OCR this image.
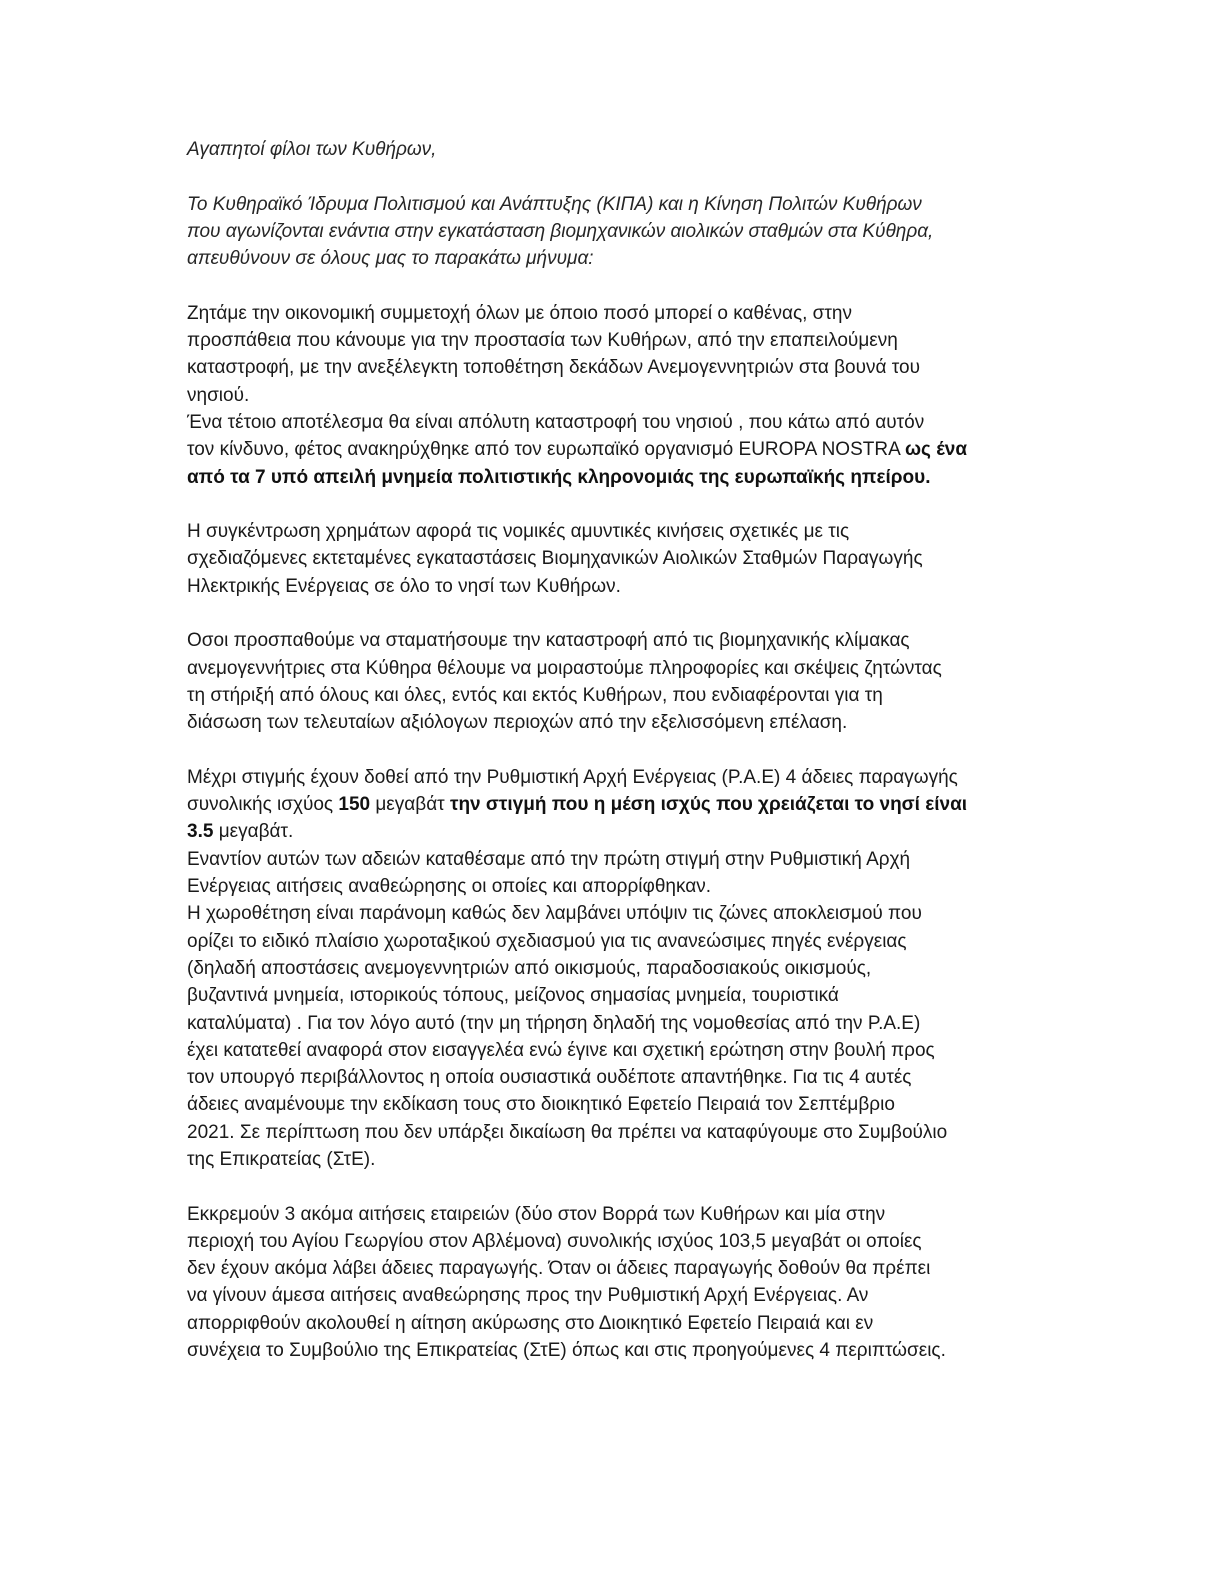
Αγαπητοί φίλοι των Κυθήρων,
Το Κυθηραϊκό Ίδρυμα Πολιτισμού και Ανάπτυξης (ΚΙΠΑ) και η Κίνηση Πολιτών Κυθήρων
που αγωνίζονται ενάντια στην εγκατάσταση βιομηχανικών αιολικών σταθμών στα Κύθηρα,
απευθύνουν σε όλους μας το παρακάτω μήνυμα:
Ζητάμε την οικονομική συμμετοχή όλων με όποιο ποσό μπορεί ο καθένας, στην
προσπάθεια που κάνουμε για την προστασία των Κυθήρων, από την επαπειλούμενη
καταστροφή, με την ανεξέλεγκτη τοποθέτηση δεκάδων Ανεμογεννητριών στα βουνά του
νησιού.
Ένα τέτοιο αποτέλεσμα θα είναι απόλυτη καταστροφή του νησιού , που κάτω από αυτόν
τον κίνδυνο, φέτος ανακηρύχθηκε από τον ευρωπαϊκό οργανισμό EUROPA NOSTRA ως ένα
από τα 7 υπό απειλή μνημεία πολιτιστικής κληρονομιάς της ευρωπαϊκής ηπείρου.
Η συγκέντρωση χρημάτων αφορά τις νομικές αμυντικές κινήσεις σχετικές με τις
σχεδιαζόμενες εκτεταμένες εγκαταστάσεις Βιομηχανικών Αιολικών Σταθμών Παραγωγής
Ηλεκτρικής Ενέργειας σε όλο το νησί των Κυθήρων.
Οσοι προσπαθούμε να σταματήσουμε την καταστροφή από τις βιομηχανικής κλίμακας
ανεμογεννήτριες στα Κύθηρα θέλουμε να μοιραστούμε πληροφορίες και σκέψεις ζητώντας
τη στήριξή από όλους και όλες, εντός και εκτός Κυθήρων, που ενδιαφέρονται για τη
διάσωση των τελευταίων αξιόλογων περιοχών από την εξελισσόμενη επέλαση.
Μέχρι στιγμής έχουν δοθεί από την Ρυθμιστική Αρχή Ενέργειας (Ρ.Α.Ε) 4 άδειες παραγωγής
συνολικής ισχύος 150 μεγαβάτ την στιγμή που η μέση ισχύς που χρειάζεται το νησί είναι
3.5 μεγαβάτ.
Εναντίον αυτών των αδειών καταθέσαμε από την πρώτη στιγμή στην Ρυθμιστική Αρχή
Ενέργειας αιτήσεις αναθεώρησης οι οποίες και απορρίφθηκαν.
Η χωροθέτηση είναι παράνομη καθώς δεν λαμβάνει υπόψιν τις ζώνες αποκλεισμού που
ορίζει το ειδικό πλαίσιο χωροταξικού σχεδιασμού για τις ανανεώσιμες πηγές ενέργειας
(δηλαδή αποστάσεις ανεμογεννητριών από οικισμούς, παραδοσιακούς οικισμούς,
βυζαντινά μνημεία, ιστορικούς τόπους, μείζονος σημασίας μνημεία, τουριστικά
καταλύματα) . Για τον λόγο αυτό (την μη τήρηση δηλαδή της νομοθεσίας από την Ρ.Α.Ε)
έχει κατατεθεί αναφορά στον εισαγγελέα ενώ έγινε και σχετική ερώτηση στην βουλή προς
τον υπουργό περιβάλλοντος η οποία ουσιαστικά ουδέποτε απαντήθηκε. Για τις 4 αυτές
άδειες αναμένουμε την εκδίκαση τους στο διοικητικό Εφετείο Πειραιά τον Σεπτέμβριο
2021. Σε περίπτωση που δεν υπάρξει δικαίωση θα πρέπει να καταφύγουμε στο Συμβούλιο
της Επικρατείας (ΣτΕ).
Εκκρεμούν 3 ακόμα αιτήσεις εταιρειών (δύο στον Βορρά των Κυθήρων και μία στην
περιοχή του Αγίου Γεωργίου στον Αβλέμονα) συνολικής ισχύος 103,5 μεγαβάτ οι οποίες
δεν έχουν ακόμα λάβει άδειες παραγωγής. Όταν οι άδειες παραγωγής δοθούν θα πρέπει
να γίνουν άμεσα αιτήσεις αναθεώρησης προς την Ρυθμιστική Αρχή Ενέργειας. Αν
απορριφθούν ακολουθεί η αίτηση ακύρωσης στο Διοικητικό Εφετείο Πειραιά και εν
συνέχεια το Συμβούλιο της Επικρατείας (ΣτΕ) όπως και στις προηγούμενες 4 περιπτώσεις.
